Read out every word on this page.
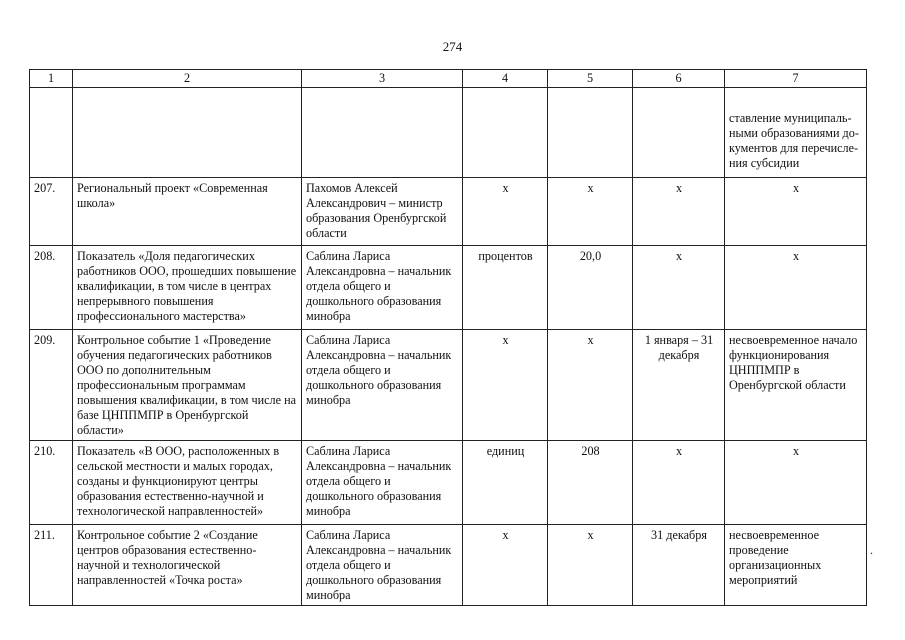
274
1	2	3	4	5	6	7
						ставление муниципаль-ными образованиями до-кументов для перечисле-ния субсидии
207.	Региональный проект «Современная школа»	Пахомов Алексей Александрович – министр образования Оренбургской области	х	х	х	х
208.	Показатель «Доля педагогических работников ООО, прошедших повышение квалификации, в том числе в центрах непрерывного повышения профессионального мастерства»	Саблина Лариса Александровна – начальник отдела общего и дошкольного образования минобра	процентов	20,0	х	х
209.	Контрольное событие 1 «Проведение обучения педагогических работников ООО по дополнительным профессиональным программам повышения квалификации, в том числе на базе ЦНППМПР в Оренбургской области»	Саблина Лариса Александровна – начальник отдела общего и дошкольного образования минобра	х	х	1 января – 31 декабря	несвоевременное начало функционирования ЦНППМПР в Оренбургской области
210.	Показатель «В ООО, расположенных в сельской местности и малых городах, созданы и функционируют центры образования естественно-научной и технологической направленностей»	Саблина Лариса Александровна – начальник отдела общего и дошкольного образования минобра	единиц	208	х	х
211.	Контрольное событие 2 «Создание центров образования естественно-научной и технологической направленностей «Точка роста»	Саблина Лариса Александровна – начальник отдела общего и дошкольного образования минобра	х	х	31 декабря	несвоевременное проведение организационных мероприятий
.
